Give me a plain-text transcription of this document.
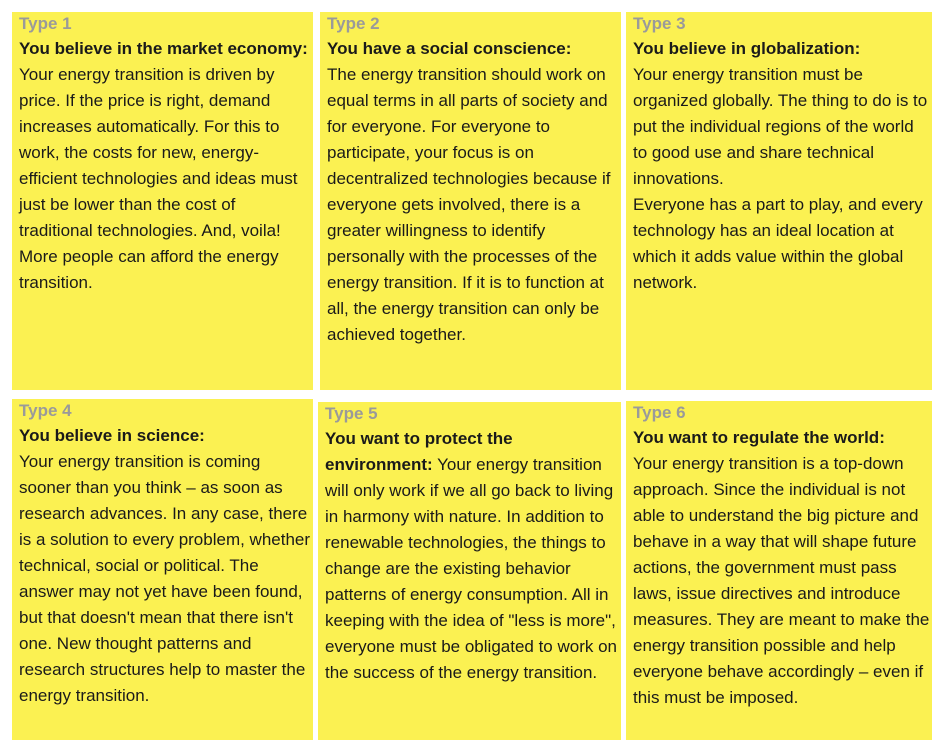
Type 1

You believe in the market economy: Your energy transition is driven by price. If the price is right, demand increases automatically. For this to work, the costs for new, energy-efficient technologies and ideas must just be lower than the cost of traditional technologies. And, voila! More people can afford the energy transition.

Type 2
You have a social conscience:

The energy transition should work on equal terms in all parts of society and for everyone. For everyone to participate, your focus is on decentralized technologies because if everyone gets involved, there is a greater willingness to identify personally with the processes of the energy transition. If it is to function at all, the energy transition can only be achieved together.

Type 3
You believe in globalization:

Your energy transition must be organized globally. The thing to do is to put the individual regions of the world to good use and share technical innovations.

Everyone has a part to play, and every technology has an ideal location at which it adds value within the global network.

Type 4
You believe in science:

Your energy transition is coming sooner than you think – as soon as research advances. In any case, there is a solution to every problem, whether technical, social or political. The answer may not yet have been found, but that doesn't mean that there isn't one. New thought patterns and research structures help to master the energy transition.

Type 5

You want to protect the environment: Your energy transition will only work if we all go back to living in harmony with nature. In addition to renewable technologies, the things to change are the existing behavior patterns of energy consumption. All in keeping with the idea of "less is more", everyone must be obligated to work on the success of the energy transition.

Type 6
You want to regulate the world:

Your energy transition is a top-down approach. Since the individual is not able to understand the big picture and behave in a way that will shape future actions, the government must pass laws, issue directives and introduce measures. They are meant to make the energy transition possible and help everyone behave accordingly – even if this must be imposed.
